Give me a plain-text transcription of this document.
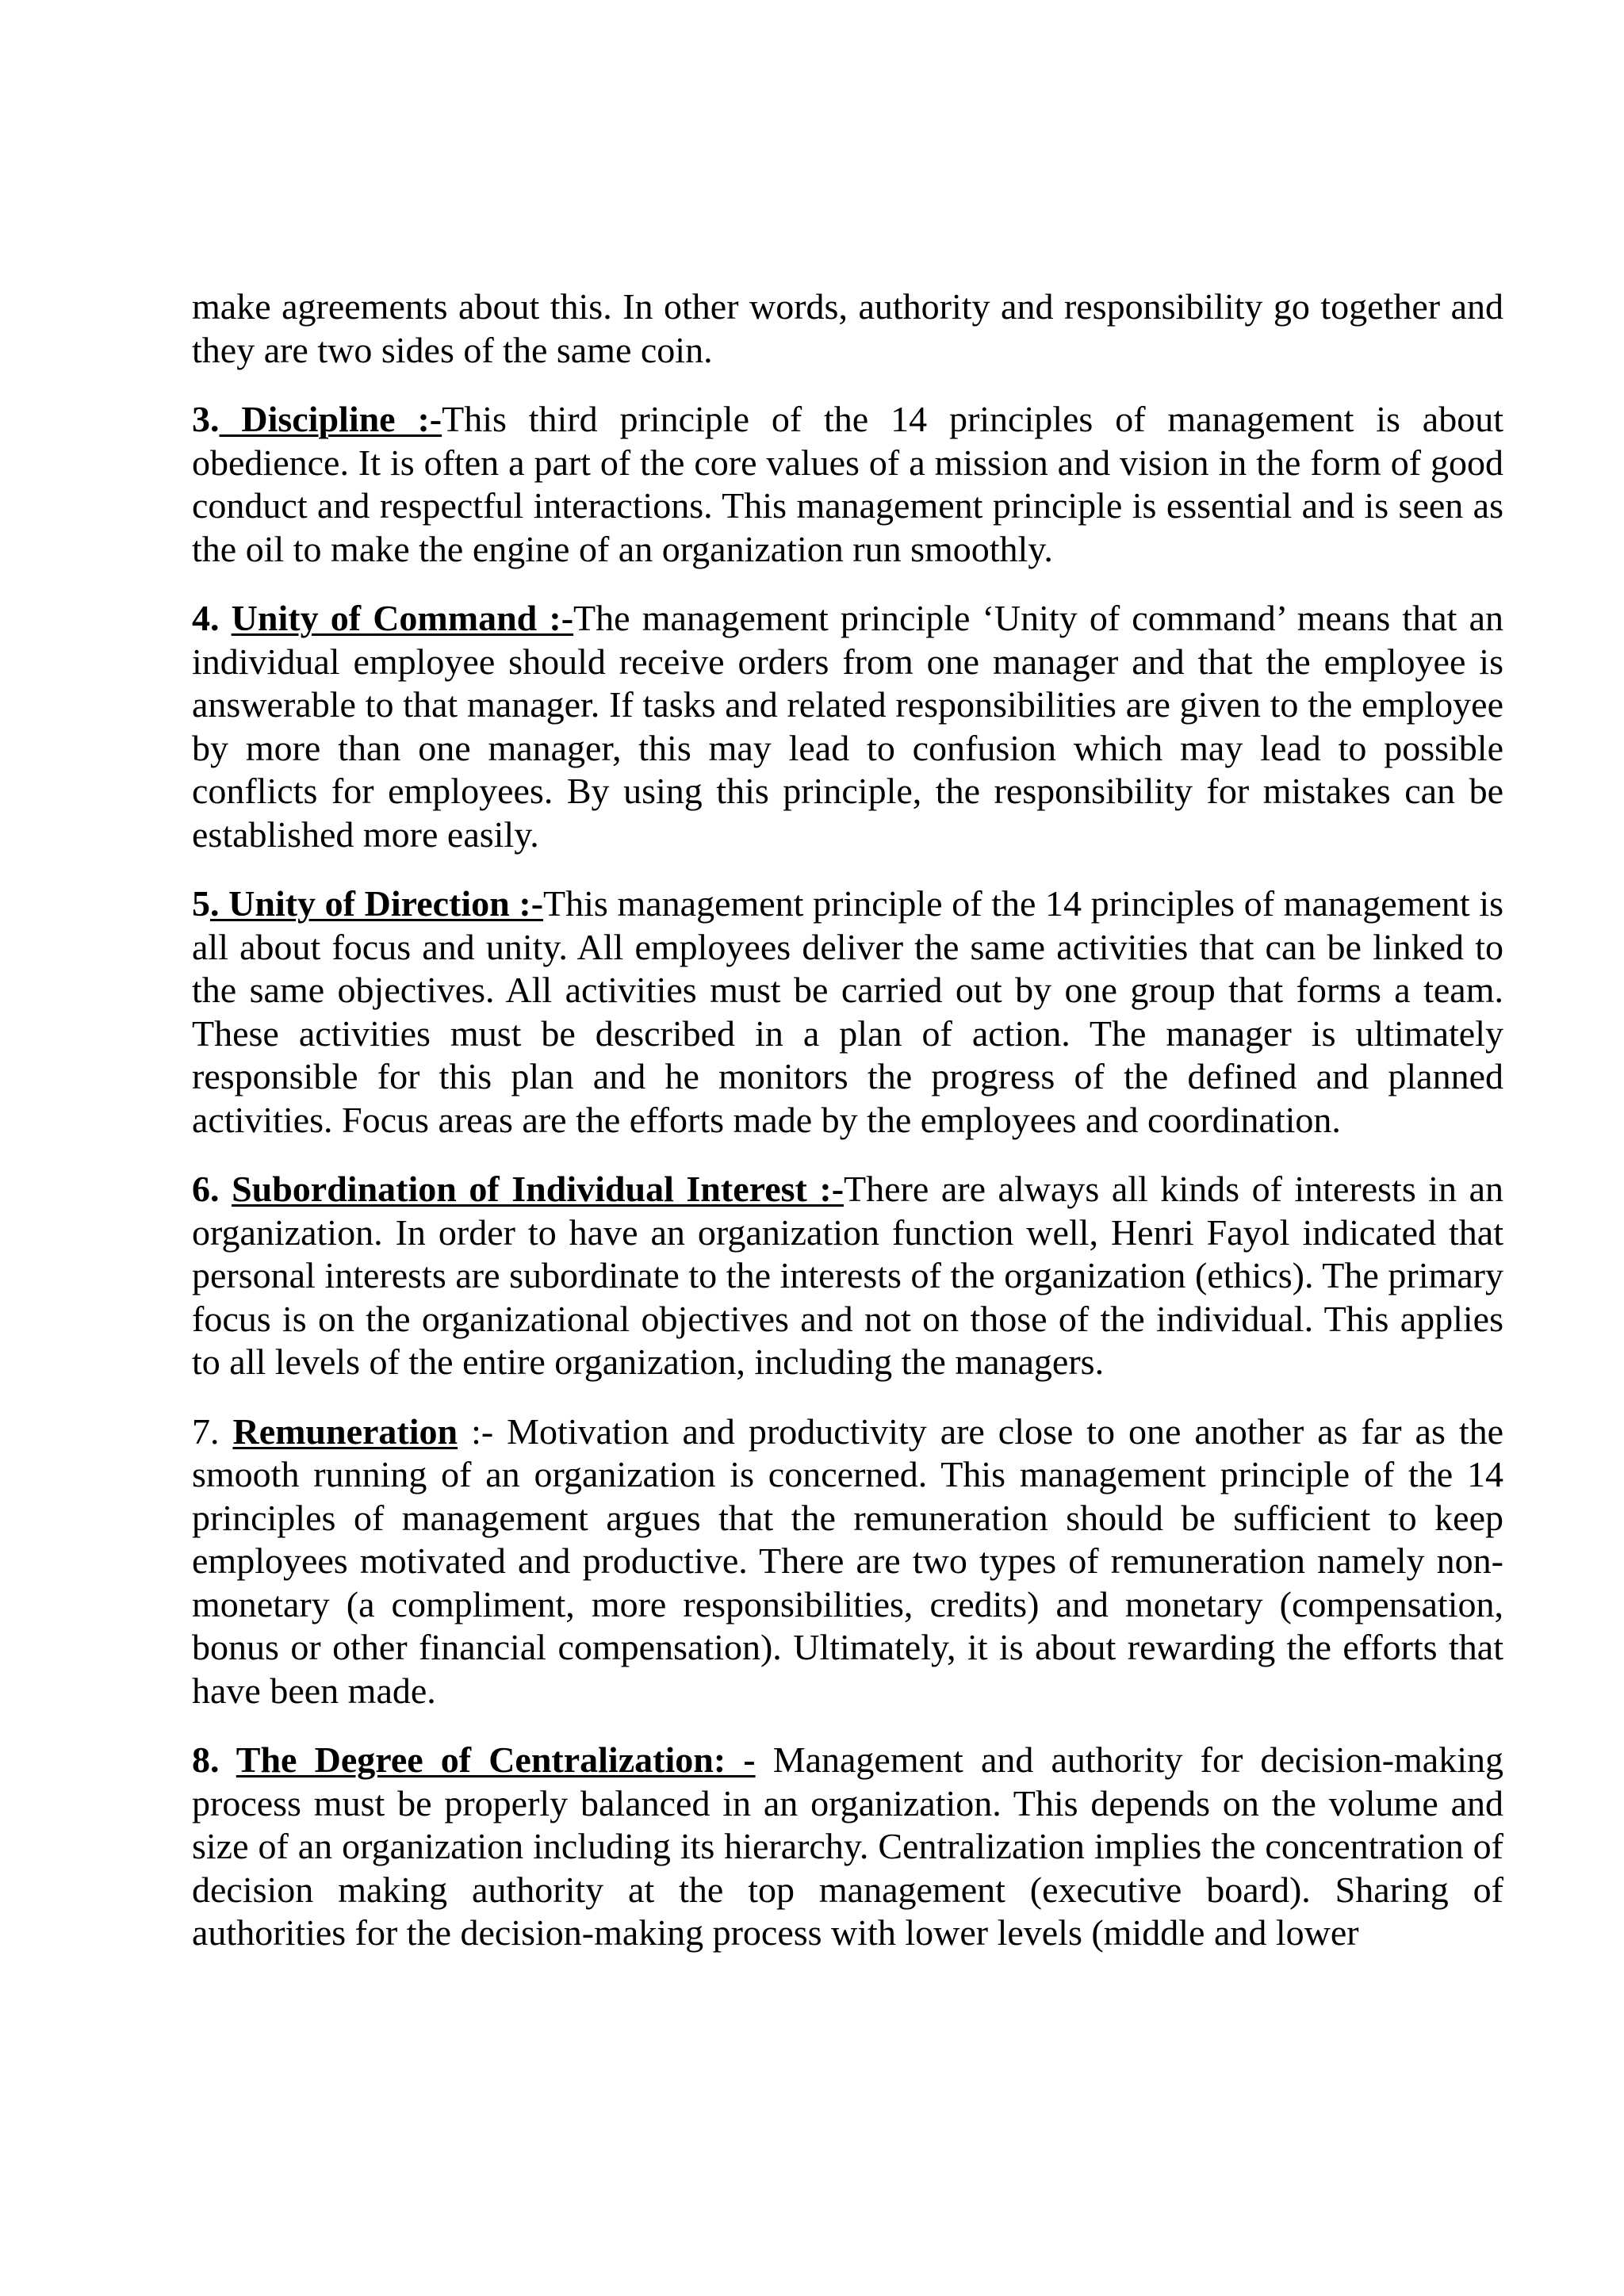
make agreements about this. In other words, authority and responsibility go together and they are two sides of the same coin.

3. Discipline :-This third principle of the 14 principles of management is about obedience. It is often a part of the core values of a mission and vision in the form of good conduct and respectful interactions. This management principle is essential and is seen as the oil to make the engine of an organization run smoothly.

4. Unity of Command :-The management principle ‘Unity of command’ means that an individual employee should receive orders from one manager and that the employee is answerable to that manager. If tasks and related responsibilities are given to the employee by more than one manager, this may lead to confusion which may lead to possible conflicts for employees. By using this principle, the responsibility for mistakes can be established more easily.

5. Unity of Direction :-This management principle of the 14 principles of management is all about focus and unity. All employees deliver the same activities that can be linked to the same objectives. All activities must be carried out by one group that forms a team. These activities must be described in a plan of action. The manager is ultimately responsible for this plan and he monitors the progress of the defined and planned activities. Focus areas are the efforts made by the employees and coordination.

6. Subordination of Individual Interest :-There are always all kinds of interests in an organization. In order to have an organization function well, Henri Fayol indicated that personal interests are subordinate to the interests of the organization (ethics). The primary focus is on the organizational objectives and not on those of the individual. This applies to all levels of the entire organization, including the managers.

7. Remuneration :- Motivation and productivity are close to one another as far as the smooth running of an organization is concerned. This management principle of the 14 principles of management argues that the remuneration should be sufficient to keep employees motivated and productive. There are two types of remuneration namely non-monetary (a compliment, more responsibilities, credits) and monetary (compensation, bonus or other financial compensation). Ultimately, it is about rewarding the efforts that have been made.

8. The Degree of Centralization: - Management and authority for decision-making process must be properly balanced in an organization. This depends on the volume and size of an organization including its hierarchy. Centralization implies the concentration of decision making authority at the top management (executive board). Sharing of authorities for the decision-making process with lower levels (middle and lower
